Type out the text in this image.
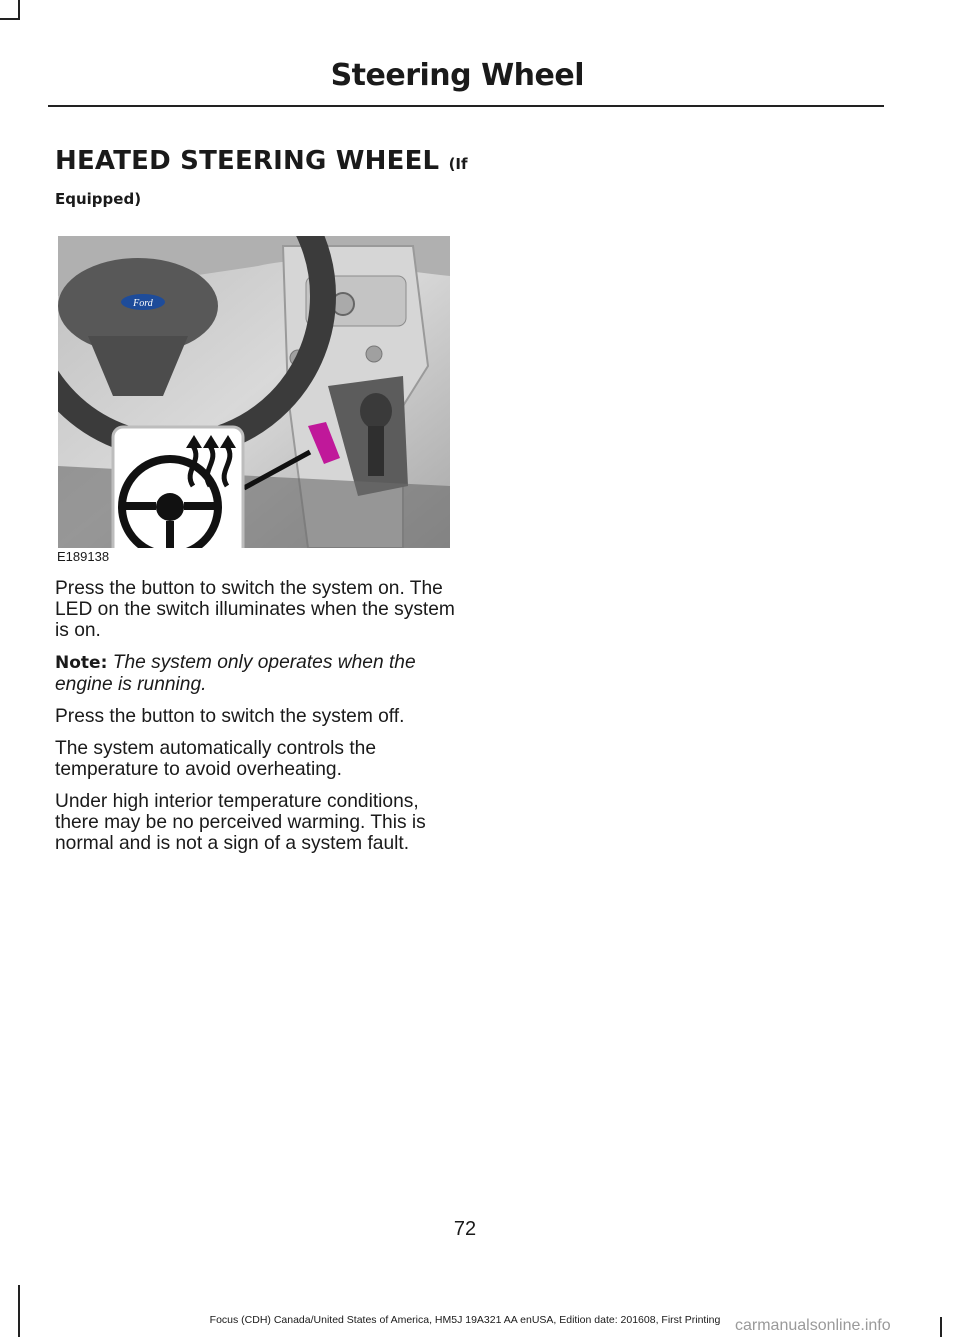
Steering Wheel
HEATED STEERING WHEEL (If
Equipped)
Ford
E189138

Press the button to switch the system on. The LED on the switch illuminates when the system is on.

Note: The system only operates when the engine is running.

Press the button to switch the system off.

The system automatically controls the temperature to avoid overheating.

Under high interior temperature conditions, there may be no perceived warming. This is normal and is not a sign of a system fault.

72
Focus (CDH) Canada/United States of America, HM5J 19A321 AA enUSA, Edition date: 201608, First Printing carmanualsonline.info
